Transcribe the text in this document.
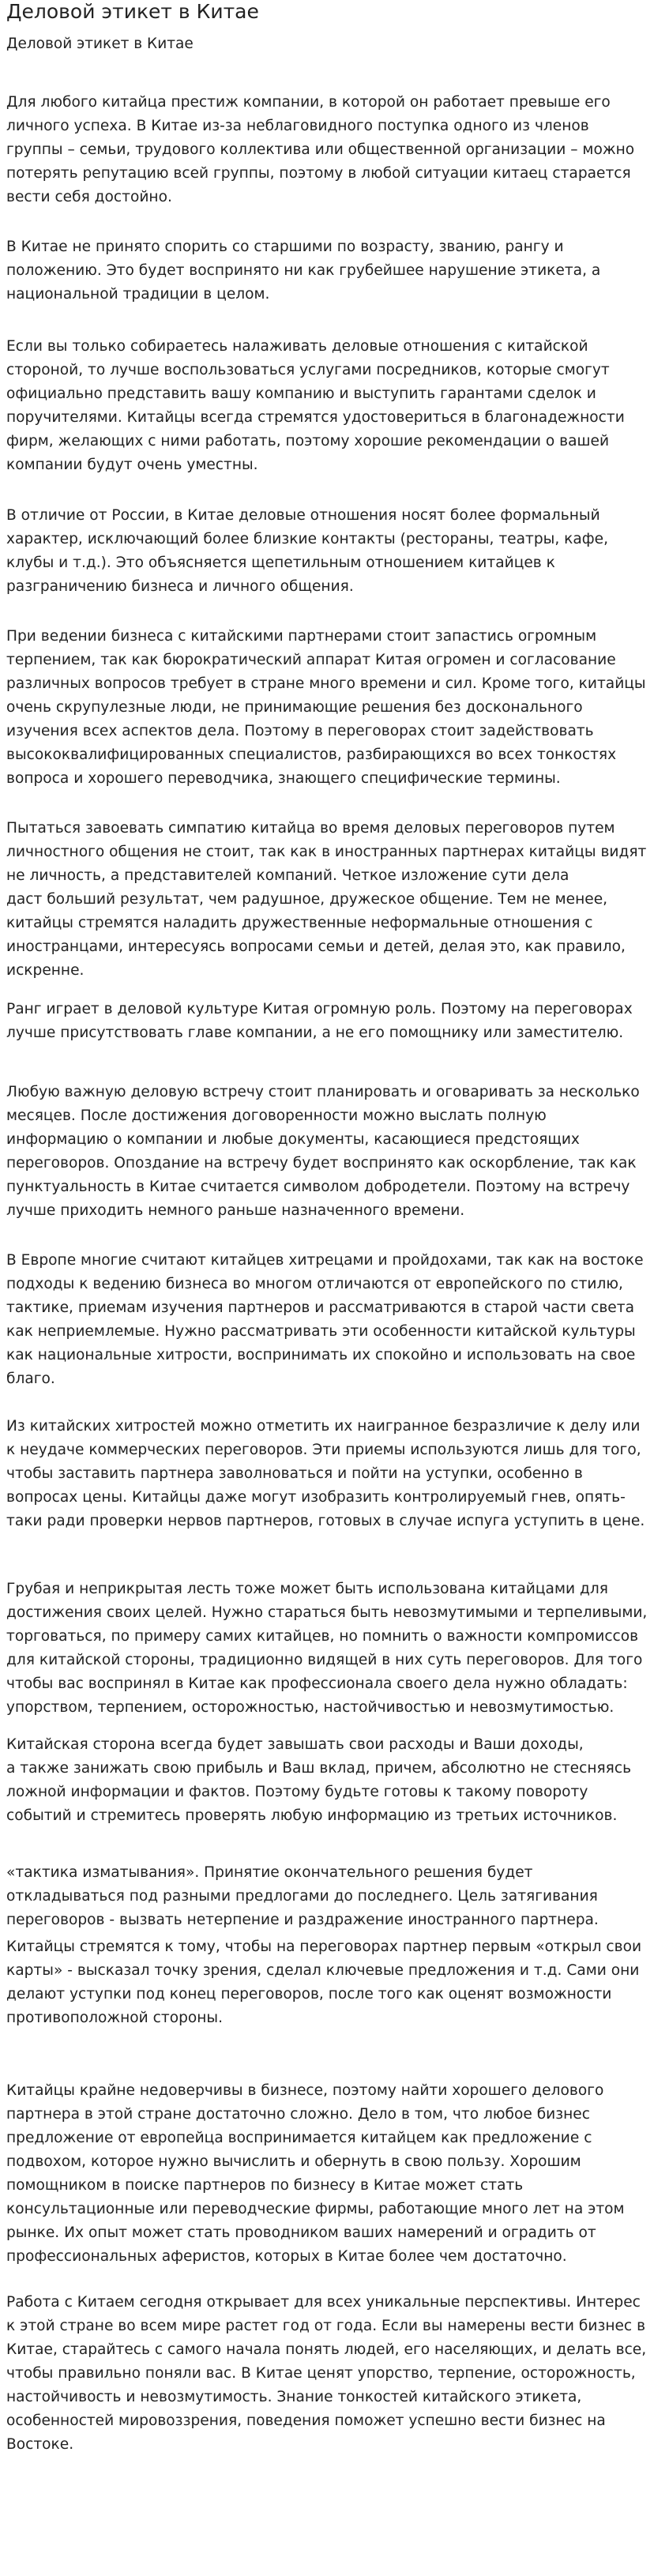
Деловой этикет в Китае
Деловой этикет в Китае

Для любого китайца престиж компании, в которой он работает превыше его
личного успеха. В Китае из-за неблаговидного поступка одного из членов
группы – семьи, трудового коллектива или общественной организации – можно
потерять репутацию всей группы, поэтому в любой ситуации китаец старается
вести себя достойно.

В Китае не принято спорить со старшими по возрасту, званию, рангу и
положению. Это будет воспринято ни как грубейшее нарушение этикета, а
национальной традиции в целом.

Если вы только собираетесь налаживать деловые отношения с китайской
стороной, то лучше воспользоваться услугами посредников, которые смогут
официально представить вашу компанию и выступить гарантами сделок и
поручителями. Китайцы всегда стремятся удостовериться в благонадежности
фирм, желающих с ними работать, поэтому хорошие рекомендации о вашей
компании будут очень уместны.

В отличие от России, в Китае деловые отношения носят более формальный
характер, исключающий более близкие контакты (рестораны, театры, кафе,
клубы и т.д.). Это объясняется щепетильным отношением китайцев к
разграничению бизнеса и личного общения.

При ведении бизнеса с китайскими партнерами стоит запастись огромным
терпением, так как бюрократический аппарат Китая огромен и согласование
различных вопросов требует в стране много времени и сил. Кроме того, китайцы
очень скрупулезные люди, не принимающие решения без досконального
изучения всех аспектов дела. Поэтому в переговорах стоит задействовать
высококвалифицированных специалистов, разбирающихся во всех тонкостях
вопроса и хорошего переводчика, знающего специфические термины.

Пытаться завоевать симпатию китайца во время деловых переговоров путем
личностного общения не стоит, так как в иностранных партнерах китайцы видят
не личность, а представителей компаний. Четкое изложение сути дела
даст больший результат, чем радушное, дружеское общение. Тем не менее,
китайцы стремятся наладить дружественные неформальные отношения с
иностранцами, интересуясь вопросами семьи и детей, делая это, как правило,
искренне.

Ранг играет в деловой культуре Китая огромную роль. Поэтому на переговорах
лучше присутствовать главе компании, а не его помощнику или заместителю.

Любую важную деловую встречу стоит планировать и оговаривать за несколько
месяцев. После достижения договоренности можно выслать полную
информацию о компании и любые документы, касающиеся предстоящих
переговоров. Опоздание на встречу будет воспринято как оскорбление, так как
пунктуальность в Китае считается символом добродетели. Поэтому на встречу
лучше приходить немного раньше назначенного времени.

В Европе многие считают китайцев хитрецами и пройдохами, так как на востоке
подходы к ведению бизнеса во многом отличаются от европейского по стилю,
тактике, приемам изучения партнеров и рассматриваются в старой части света
как неприемлемые. Нужно рассматривать эти особенности китайской культуры
как национальные хитрости, воспринимать их спокойно и использовать на свое
благо.

Из китайских хитростей можно отметить их наигранное безразличие к делу или
к неудаче коммерческих переговоров. Эти приемы используются лишь для того,
чтобы заставить партнера заволноваться и пойти на уступки, особенно в
вопросах цены. Китайцы даже могут изобразить контролируемый гнев, опять-
таки ради проверки нервов партнеров, готовых в случае испуга уступить в цене.

Грубая и неприкрытая лесть тоже может быть использована китайцами для
достижения своих целей. Нужно стараться быть невозмутимыми и терпеливыми,
торговаться, по примеру самих китайцев, но помнить о важности компромиссов
для китайской стороны, традиционно видящей в них суть переговоров. Для того
чтобы вас воспринял в Китае как профессионала своего дела нужно обладать:
упорством, терпением, осторожностью, настойчивостью и невозмутимостью.

Китайская сторона всегда будет завышать свои расходы и Ваши доходы,
а также занижать свою прибыль и Ваш вклад, причем, абсолютно не стесняясь
ложной информации и фактов. Поэтому будьте готовы к такому повороту
событий и стремитесь проверять любую информацию из третьих источников.

«тактика изматывания». Принятие окончательного решения будет
откладываться под разными предлогами до последнего. Цель затягивания
переговоров - вызвать нетерпение и раздражение иностранного партнера.

Китайцы стремятся к тому, чтобы на переговорах партнер первым «открыл свои
карты» - высказал точку зрения, сделал ключевые предложения и т.д. Сами они
делают уступки под конец переговоров, после того как оценят возможности
противоположной стороны.

Китайцы крайне недоверчивы в бизнесе, поэтому найти хорошего делового
партнера в этой стране достаточно сложно. Дело в том, что любое бизнес
предложение от европейца воспринимается китайцем как предложение с
подвохом, которое нужно вычислить и обернуть в свою пользу. Хорошим
помощником в поиске партнеров по бизнесу в Китае может стать
консультационные или переводческие фирмы, работающие много лет на этом
рынке. Их опыт может стать проводником ваших намерений и оградить от
профессиональных аферистов, которых в Китае более чем достаточно.

Работа с Китаем сегодня открывает для всех уникальные перспективы. Интерес
к этой стране во всем мире растет год от года. Если вы намерены вести бизнес в
Китае, старайтесь с самого начала понять людей, его населяющих, и делать все,
чтобы правильно поняли вас. В Китае ценят упорство, терпение, осторожность,
настойчивость и невозмутимость. Знание тонкостей китайского этикета,
особенностей мировоззрения, поведения поможет успешно вести бизнес на
Востоке.
